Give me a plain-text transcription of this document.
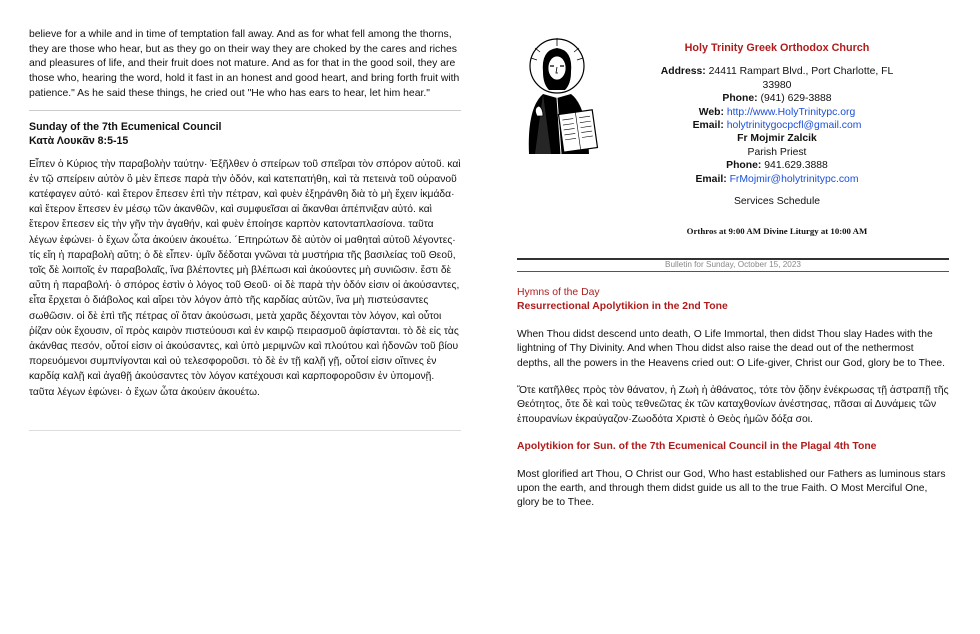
believe for a while and in time of temptation fall away. And as for what fell among the thorns, they are those who hear, but as they go on their way they are choked by the cares and riches and pleasures of life, and their fruit does not mature. And as for that in the good soil, they are those who, hearing the word, hold it fast in an honest and good heart, and bring forth fruit with patience." As he said these things, he cried out "He who has ears to hear, let him hear."

Sunday of the 7th Ecumenical Council
Κατὰ Λουκᾶν 8:5-15

Εἶπεν ὁ Κύριος τὴν παραβολὴν ταύτην· Ἐξῆλθεν ὁ σπείρων τοῦ σπεῖραι τὸν σπόρον αὐτοῦ. καὶ ἐν τῷ σπείρειν αὐτὸν ὃ μὲν ἔπεσε παρὰ τὴν ὁδόν, καὶ κατεπατήθη, καὶ τὰ πετεινὰ τοῦ οὐρανοῦ κατέφαγεν αὐτό· καὶ ἕτερον ἔπεσεν ἐπὶ τὴν πέτραν, καὶ φυὲν ἐξηράνθη διὰ τὸ μὴ ἔχειν ἰκμάδα· καὶ ἕτερον ἔπεσεν ἐν μέσῳ τῶν ἀκανθῶν, καὶ συμφυεῖσαι αἱ ἄκανθαι ἀπέπνιξαν αὐτό. καὶ ἕτερον ἔπεσεν εἰς τὴν γῆν τὴν ἀγαθήν, καὶ φυὲν ἐποίησε καρπὸν κατονταπλασίονα. ταῦτα λέγων ἐφώνει· ὁ ἔχων ὦτα ἀκούειν ἀκουέτω. ´Επηρώτων δὲ αὐτὸν οἱ μαθηταὶ αὐτοῦ λέγοντες· τίς εἴη ἡ παραβολὴ αὕτη; ὁ δὲ εἶπεν· ὑμῖν δέδοται γνῶναι τὰ μυστήρια τῆς βασιλείας τοῦ Θεοῦ, τοῖς δὲ λοιποῖς ἐν παραβολαῖς, ἵνα βλέποντες μὴ βλέπωσι καὶ ἀκούοντες μὴ συνιῶσιν. ἔστι δὲ αὕτη ἡ παραβολή· ὁ σπόρος ἐστὶν ὁ λόγος τοῦ Θεοῦ· οἱ δὲ παρὰ τὴν ὁδόν εἰσιν οἱ ἀκούσαντες, εἶτα ἔρχεται ὁ διάβολος καὶ αἴρει τὸν λόγον ἀπὸ τῆς καρδίας αὐτῶν, ἵνα μὴ πιστεύσαντες σωθῶσιν. οἱ δὲ ἐπὶ τῆς πέτρας οἳ ὅταν ἀκούσωσι, μετὰ χαρᾶς δέχονται τὸν λόγον, καὶ οὗτοι ῥίζαν οὐκ ἔχουσιν, οἳ πρὸς καιρὸν πιστεύουσι καὶ ἐν καιρῷ πειρασμοῦ ἀφίστανται. τὸ δὲ εἰς τὰς ἀκάνθας πεσόν, οὗτοί εἰσιν οἱ ἀκούσαντες, καὶ ὑπὸ μεριμνῶν καὶ πλούτου καὶ ἡδονῶν τοῦ βίου πορευόμενοι συμπνίγονται καὶ οὐ τελεσφοροῦσι. τὸ δὲ ἐν τῇ καλῇ γῇ, οὗτοί εἰσιν οἵτινες ἐν καρδίᾳ καλῇ καὶ ἀγαθῇ ἀκούσαντες τὸν λόγον κατέχουσι καὶ καρποφοροῦσιν ἐν ὑπομονῇ. ταῦτα λέγων ἐφώνει· ὁ ἔχων ὦτα ἀκούειν ἀκουέτω.

Holy Trinity Greek Orthodox Church
Address: 24411 Rampart Blvd., Port Charlotte, FL
33980
Phone: (941) 629-3888
Web: http://www.HolyTrinitypc.org
Email: holytrinitygocpcfl@gmail.com
Fr Mojmir Zalcik
Parish Priest
Phone: 941.629.3888
Email: FrMojmir@holytrinitypc.com
Services Schedule
Orthros at 9:00 AM Divine Liturgy at 10:00 AM
Bulletin for Sunday, October 15, 2023

Hymns of the Day

Resurrectional Apolytikion in the 2nd Tone

When Thou didst descend unto death, O Life Immortal, then didst Thou slay Hades with the lightning of Thy Divinity. And when Thou didst also raise the dead out of the nethermost depths, all the powers in the Heavens cried out: O Life-giver, Christ our God, glory be to Thee.

Ὅτε κατῆλθες πρὸς τὸν θάνατον, ἡ Ζωὴ ἡ ἀθάνατος, τότε τὸν ᾅδην ἐνέκρωσας τῇ ἀστραπῇ τῆς Θεότητος, ὅτε δὲ καὶ τοὺς τεθνεῶτας ἐκ τῶν καταχθονίων ἀνέστησας, πᾶσαι αἱ Δυνάμεις τῶν ἐπουρανίων ἐκραύγαζον·Ζωοδότα Χριστὲ ὁ Θεὸς ἡμῶν δόξα σοι.

Apolytikion for Sun. of the 7th Ecumenical Council in the Plagal 4th Tone

Most glorified art Thou, O Christ our God, Who hast established our Fathers as luminous stars upon the earth, and through them didst guide us all to the true Faith. O Most Merciful One, glory be to Thee.
